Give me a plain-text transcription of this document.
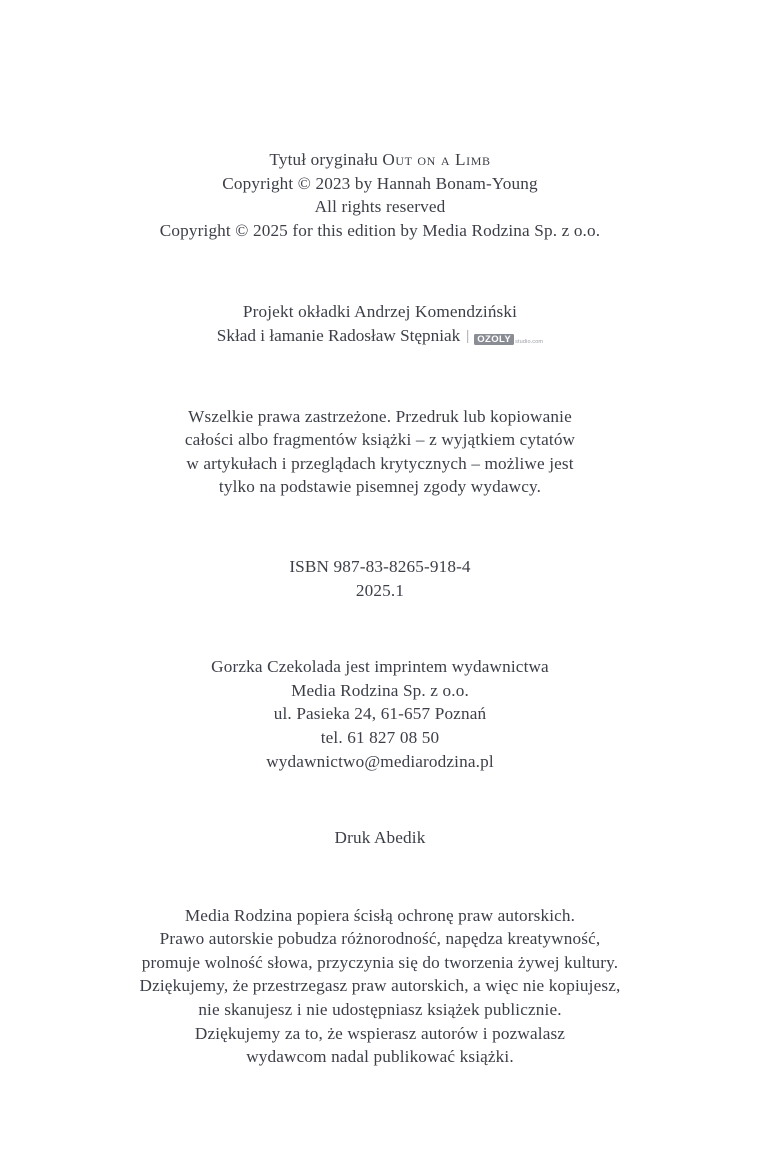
Tytuł oryginału Out on a Limb
Copyright © 2023 by Hannah Bonam-Young
All rights reserved
Copyright © 2025 for this edition by Media Rodzina Sp. z o.o.
Projekt okładki Andrzej Komendziński
Skład i łamanie Radosław Stępniak | OZOLY studio.com
Wszelkie prawa zastrzeżone. Przedruk lub kopiowanie
całości albo fragmentów książki – z wyjątkiem cytatów
w artykułach i przeglądach krytycznych – możliwe jest
tylko na podstawie pisemnej zgody wydawcy.
ISBN 987-83-8265-918-4
2025.1
Gorzka Czekolada jest imprintem wydawnictwa
Media Rodzina Sp. z o.o.
ul. Pasieka 24, 61-657 Poznań
tel. 61 827 08 50
wydawnictwo@mediarodzina.pl
Druk Abedik
Media Rodzina popiera ścisłą ochronę praw autorskich.
Prawo autorskie pobudza różnorodność, napędza kreatywność,
promuje wolność słowa, przyczynia się do tworzenia żywej kultury.
Dziękujemy, że przestrzegasz praw autorskich, a więc nie kopiujesz,
nie skanujesz i nie udostępniasz książek publicznie.
Dziękujemy za to, że wspierasz autorów i pozwalasz
wydawcom nadal publikować książki.
